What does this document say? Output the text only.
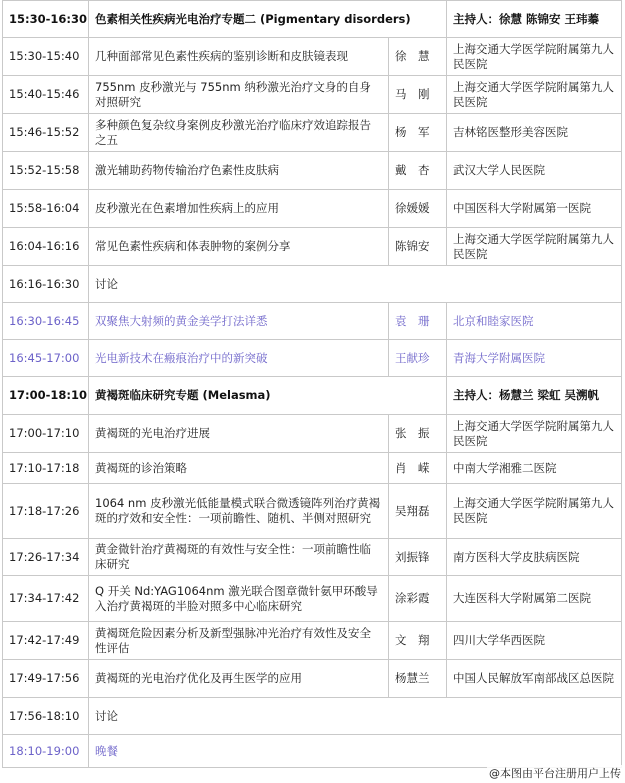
15:30-16:30	色素相关性疾病光电治疗专题二 (Pigmentary disorders)		主持人：徐慧 陈锦安 王玮蓁
15:30-15:40	几种面部常见色素性疾病的鉴别诊断和皮肤镜表现	徐　慧	上海交通大学医学院附属第九人民医院
15:40-15:46	755nm 皮秒激光与 755nm 纳秒激光治疗文身的自身对照研究	马　刚	上海交通大学医学院附属第九人民医院
15:46-15:52	多种颜色复杂纹身案例皮秒激光治疗临床疗效追踪报告之五	杨　军	吉林铭医整形美容医院
15:52-15:58	激光辅助药物传输治疗色素性皮肤病	戴　杏	武汉大学人民医院
15:58-16:04	皮秒激光在色素增加性疾病上的应用	徐媛媛	中国医科大学附属第一医院
16:04-16:16	常见色素性疾病和体表肿物的案例分享	陈锦安	上海交通大学医学院附属第九人民医院
16:16-16:30	讨论		
16:30-16:45	双聚焦大射频的黄金美学打法详悉	袁　珊	北京和睦家医院
16:45-17:00	光电新技术在瘢痕治疗中的新突破	王献珍	青海大学附属医院
17:00-18:10	黄褐斑临床研究专题 (Melasma)		主持人：杨慧兰 梁虹 吴溯帆
17:00-17:10	黄褐斑的光电治疗进展	张　振	上海交通大学医学院附属第九人民医院
17:10-17:18	黄褐斑的诊治策略	肖　嵘	中南大学湘雅二医院
17:18-17:26	1064 nm 皮秒激光低能量模式联合微透镜阵列治疗黄褐斑的疗效和安全性：一项前瞻性、随机、半侧对照研究	吴翔磊	上海交通大学医学院附属第九人民医院
17:26-17:34	黄金微针治疗黄褐斑的有效性与安全性：一项前瞻性临床研究	刘振锋	南方医科大学皮肤病医院
17:34-17:42	Q 开关 Nd:YAG1064nm 激光联合图章微针氨甲环酸导入治疗黄褐斑的半脸对照多中心临床研究	涂彩霞	大连医科大学附属第二医院
17:42-17:49	黄褐斑危险因素分析及新型强脉冲光治疗有效性及安全性评估	文　翔	四川大学华西医院
17:49-17:56	黄褐斑的光电治疗优化及再生医学的应用	杨慧兰	中国人民解放军南部战区总医院
17:56-18:10	讨论		
18:10-19:00	晚餐		
@本图由平台注册用户上传
